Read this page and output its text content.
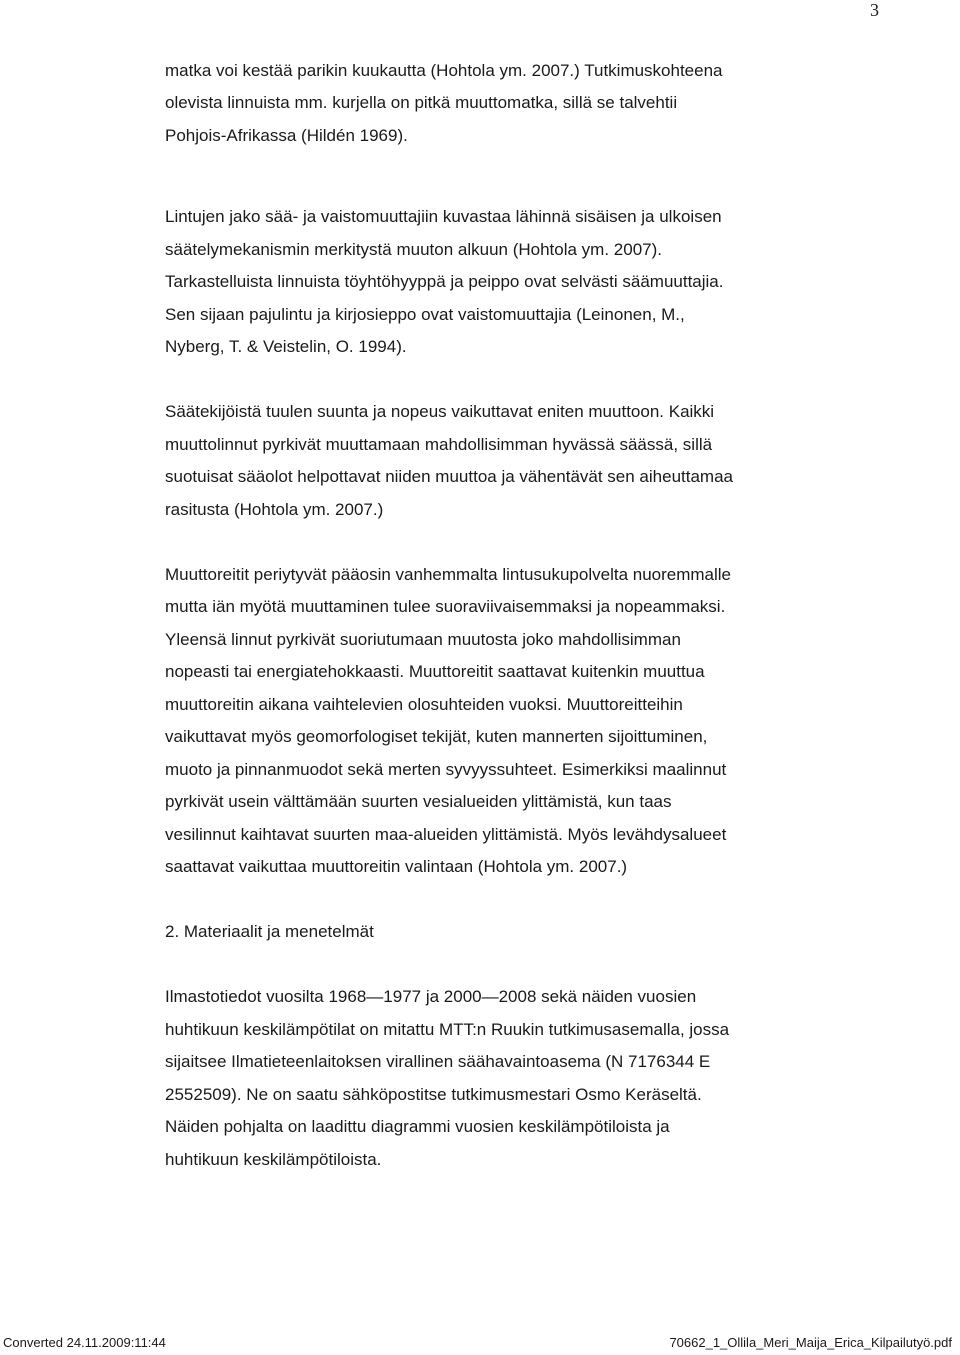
3
matka voi kestää parikin kuukautta (Hohtola ym. 2007.) Tutkimuskohteena
olevista linnuista mm. kurjella on pitkä muuttomatka, sillä se talvehtii
Pohjois-Afrikassa (Hildén 1969).
Lintujen jako sää- ja vaistomuuttajiin kuvastaa lähinnä sisäisen ja ulkoisen
säätelymekanismin merkitystä muuton alkuun (Hohtola ym. 2007).
Tarkastelluista linnuista töyhtöhyyppä ja peippo ovat selvästi säämuuttajia.
Sen sijaan pajulintu ja kirjosieppo ovat vaistomuuttajia (Leinonen, M.,
Nyberg, T. & Veistelin, O. 1994).
Säätekijöistä tuulen suunta ja nopeus vaikuttavat eniten muuttoon. Kaikki
muuttolinnut pyrkivät muuttamaan mahdollisimman hyvässä säässä, sillä
suotuisat sääolot helpottavat niiden muuttoa ja vähentävät sen aiheuttamaa
rasitusta (Hohtola ym. 2007.)
Muuttoreitit periytyvät pääosin vanhemmalta lintusukupolvelta nuoremmalle
mutta iän myötä muuttaminen tulee suoraviivaisemmaksi ja nopeammaksi.
Yleensä linnut pyrkivät suoriutumaan muutosta joko mahdollisimman
nopeasti tai energiatehokkaasti. Muuttoreitit saattavat kuitenkin muuttua
muuttoreitin aikana vaihtelevien olosuhteiden vuoksi. Muuttoreitteihin
vaikuttavat myös geomorfologiset tekijät, kuten mannerten sijoittuminen,
muoto ja pinnanmuodot sekä merten syvyyssuhteet. Esimerkiksi maalinnut
pyrkivät usein välttämään suurten vesialueiden ylittämistä, kun taas
vesilinnut kaihtavat suurten maa-alueiden ylittämistä. Myös levähdysalueet
saattavat vaikuttaa muuttoreitin valintaan (Hohtola ym. 2007.)
2. Materiaalit ja menetelmät
Ilmastotiedot vuosilta 1968—1977 ja 2000—2008 sekä näiden vuosien
huhtikuun keskilämpötilat on mitattu MTT:n Ruukin tutkimusasemalla, jossa
sijaitsee Ilmatieteenlaitoksen virallinen säähavaintoasema (N 7176344 E
2552509). Ne on saatu sähköpostitse tutkimusmestari Osmo Keräseltä.
Näiden pohjalta on laadittu diagrammi vuosien keskilämpötiloista ja
huhtikuun keskilämpötiloista.
Converted 24.11.2009:11:44	70662_1_Ollila_Meri_Maija_Erica_Kilpailutyö.pdf
